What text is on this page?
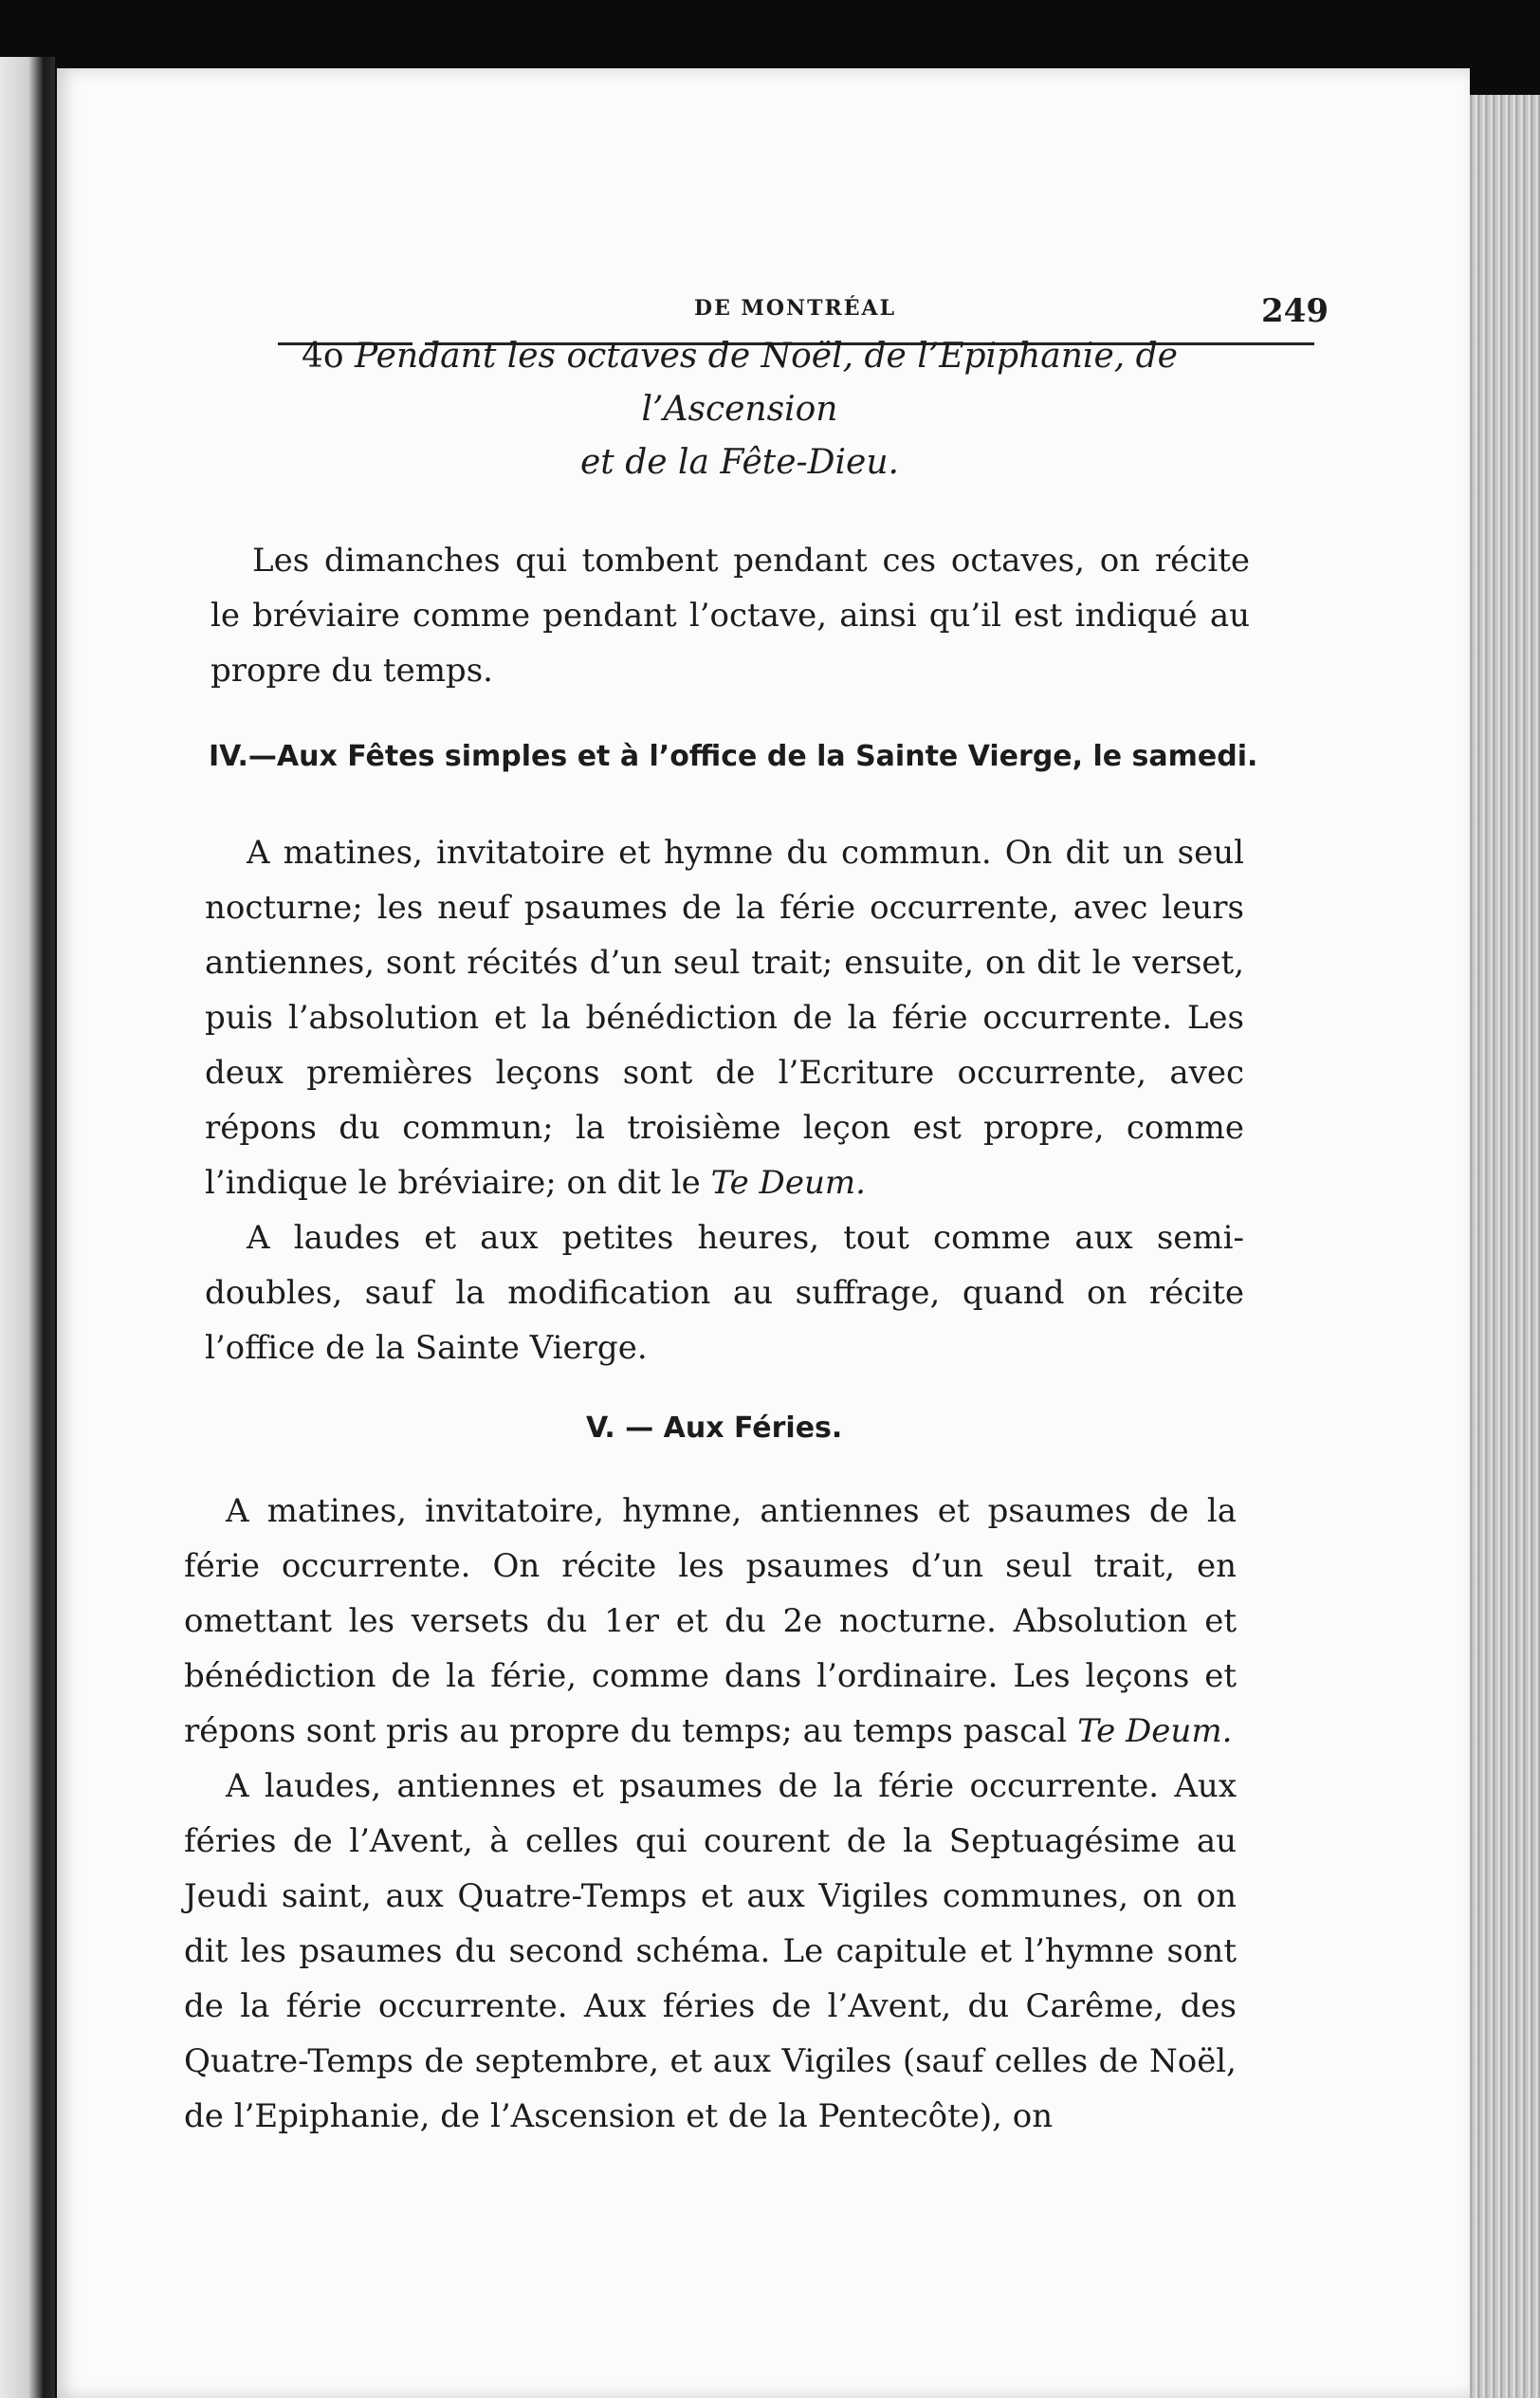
DE MONTRÉAL	249
4o Pendant les octaves de Noël, de l’Epiphanie, de l’Ascension
et de la Fête-Dieu.

Les dimanches qui tombent pendant ces octaves, on récite le bréviaire comme pendant l’octave, ainsi qu’il est indiqué au propre du temps.

IV.—Aux Fêtes simples et à l’office de la Sainte Vierge, le samedi.

A matines, invitatoire et hymne du commun. On dit un seul nocturne; les neuf psaumes de la férie occurrente, avec leurs antiennes, sont récités d’un seul trait; ensuite, on dit le verset, puis l’absolution et la bénédiction de la férie occurrente. Les deux premières leçons sont de l’Ecriture occurrente, avec répons du commun; la troisième leçon est propre, comme l’indique le bréviaire; on dit le Te Deum.

A laudes et aux petites heures, tout comme aux semi-doubles, sauf la modification au suffrage, quand on récite l’office de la Sainte Vierge.

V. — Aux Féries.

A matines, invitatoire, hymne, antiennes et psaumes de la férie occurrente. On récite les psaumes d’un seul trait, en omettant les versets du 1er et du 2e nocturne. Absolution et bénédiction de la férie, comme dans l’ordinaire. Les leçons et répons sont pris au propre du temps; au temps pascal Te Deum.

A laudes, antiennes et psaumes de la férie occurrente. Aux féries de l’Avent, à celles qui courent de la Septuagésime au Jeudi saint, aux Quatre-Temps et aux Vigiles communes, on on dit les psaumes du second schéma. Le capitule et l’hymne sont de la férie occurrente. Aux féries de l’Avent, du Carême, des Quatre-Temps de septembre, et aux Vigiles (sauf celles de Noël, de l’Epiphanie, de l’Ascension et de la Pentecôte), on
